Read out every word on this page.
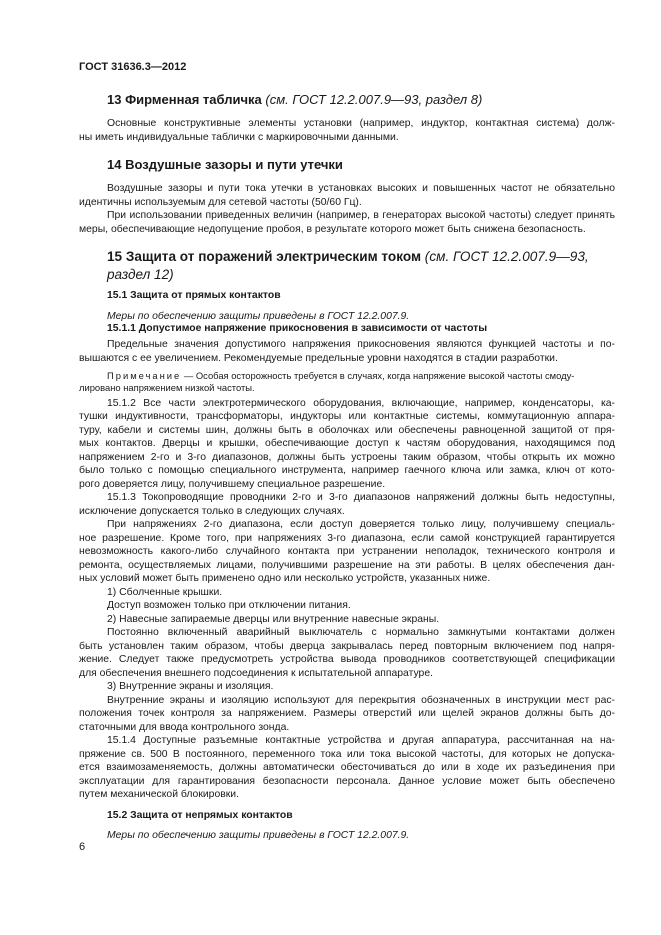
ГОСТ 31636.3—2012
13 Фирменная табличка (см. ГОСТ 12.2.007.9—93, раздел 8)
Основные конструктивные элементы установки (например, индуктор, контактная система) долж-
ны иметь индивидуальные таблички с маркировочными данными.
14 Воздушные зазоры и пути утечки
Воздушные зазоры и пути тока утечки в установках высоких и повышенных частот не обязательно
идентичны используемым для сетевой частоты (50/60 Гц).
При использовании приведенных величин (например, в генераторах высокой частоты) следует принять
меры, обеспечивающие недопущение пробоя, в результате которого может быть снижена безопасность.
15 Защита от поражений электрическим током (см. ГОСТ 12.2.007.9—93,
раздел 12)
15.1 Защита от прямых контактов
Меры по обеспечению защиты приведены в ГОСТ 12.2.007.9.
15.1.1 Допустимое напряжение прикосновения в зависимости от частоты
Предельные значения допустимого напряжения прикосновения являются функцией частоты и по-
вышаются с ее увеличением. Рекомендуемые предельные уровни находятся в стадии разработки.
Примечание — Особая осторожность требуется в случаях, когда напряжение высокой частоты смоду-
лировано напряжением низкой частоты.
15.1.2 Все части электротермического оборудования, включающие, например, конденсаторы, ка-
тушки индуктивности, трансформаторы, индукторы или контактные системы, коммутационную аппара-
туру, кабели и системы шин, должны быть в оболочках или обеспечены равноценной защитой от пря-
мых контактов. Дверцы и крышки, обеспечивающие доступ к частям оборудования, находящимся под
напряжением 2-го и 3-го диапазонов, должны быть устроены таким образом, чтобы открыть их можно
было только с помощью специального инструмента, например гаечного ключа или замка, ключ от кото-
рого доверяется лицу, получившему специальное разрешение.
15.1.3 Токопроводящие проводники 2-го и 3-го диапазонов напряжений должны быть недоступны,
исключение допускается только в следующих случаях.
При напряжениях 2-го диапазона, если доступ доверяется только лицу, получившему специаль-
ное разрешение. Кроме того, при напряжениях 3-го диапазона, если самой конструкцией гарантируется
невозможность какого-либо случайного контакта при устранении неполадок, технического контроля и
ремонта, осуществляемых лицами, получившими разрешение на эти работы. В целях обеспечения дан-
ных условий может быть применено одно или несколько устройств, указанных ниже.
1) Сболченные крышки.
Доступ возможен только при отключении питания.
2) Навесные запираемые дверцы или внутренние навесные экраны.
Постоянно включенный аварийный выключатель с нормально замкнутыми контактами должен
быть установлен таким образом, чтобы дверца закрывалась перед повторным включением под напря-
жение. Следует также предусмотреть устройства вывода проводников соответствующей спецификации
для обеспечения внешнего подсоединения к испытательной аппаратуре.
3) Внутренние экраны и изоляция.
Внутренние экраны и изоляцию используют для перекрытия обозначенных в инструкции мест рас-
положения точек контроля за напряжением. Размеры отверстий или щелей экранов должны быть до-
статочными для ввода контрольного зонда.
15.1.4 Доступные разъемные контактные устройства и другая аппаратура, рассчитанная на на-
пряжение св. 500 В постоянного, переменного тока или тока высокой частоты, для которых не допуска-
ется взаимозаменяемость, должны автоматически обесточиваться до или в ходе их разъединения при
эксплуатации для гарантирования безопасности персонала. Данное условие может быть обеспечено
путем механической блокировки.
15.2 Защита от непрямых контактов
Меры по обеспечению защиты приведены в ГОСТ 12.2.007.9.
6
